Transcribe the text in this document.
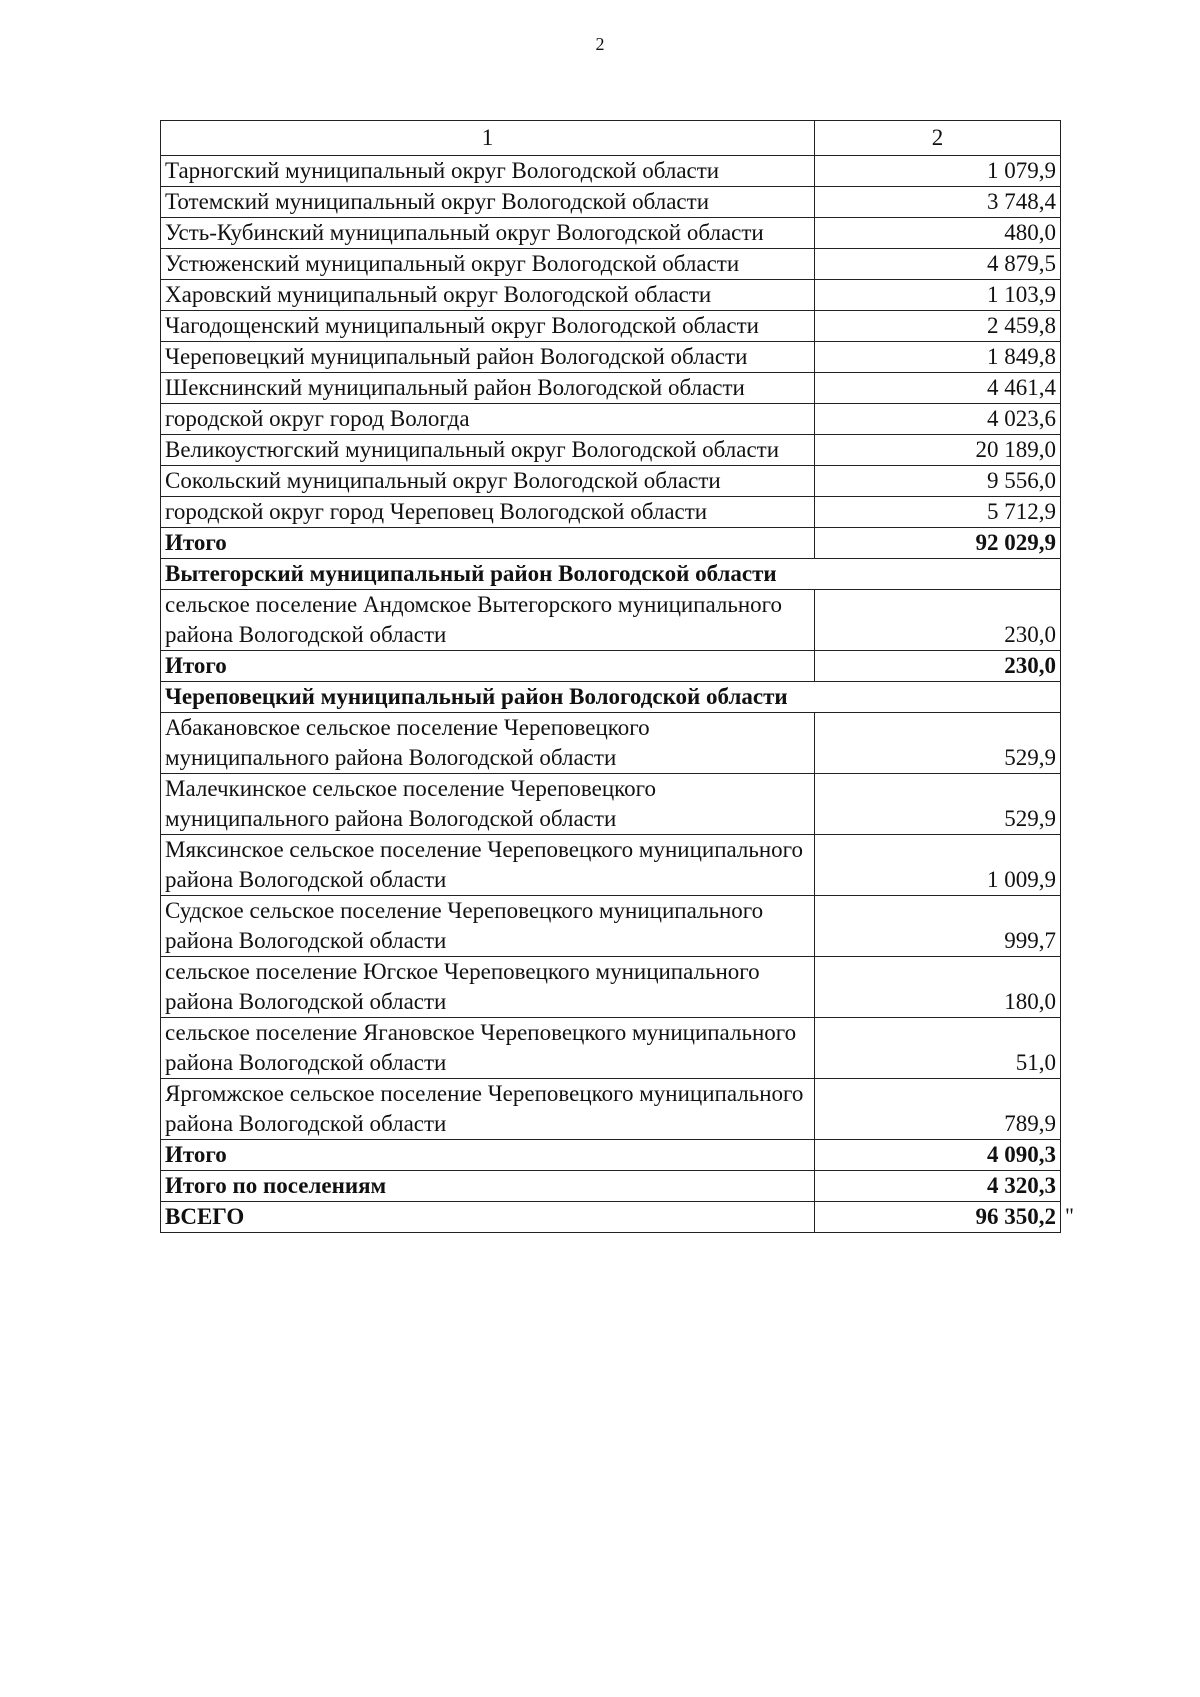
2
1	2
Тарногский муниципальный округ Вологодской области	1 079,9
Тотемский муниципальный округ Вологодской области	3 748,4
Усть-Кубинский муниципальный округ Вологодской области	480,0
Устюженский муниципальный округ Вологодской области	4 879,5
Харовский муниципальный округ Вологодской области	1 103,9
Чагодощенский муниципальный округ Вологодской области	2 459,8
Череповецкий муниципальный район Вологодской области	1 849,8
Шекснинский муниципальный район Вологодской области	4 461,4
городской округ город Вологда	4 023,6
Великоустюгский муниципальный округ Вологодской области	20 189,0
Сокольский муниципальный округ Вологодской области	9 556,0
городской округ город Череповец Вологодской области	5 712,9
Итого	92 029,9
Вытегорский муниципальный район Вологодской области	
сельское поселение Андомское Вытегорского муниципального района Вологодской области	230,0
Итого	230,0
Череповецкий муниципальный район Вологодской области	
Абакановское сельское поселение Череповецкого муниципального района Вологодской области	529,9
Малечкинское сельское поселение Череповецкого муниципального района Вологодской области	529,9
Мяксинское сельское поселение Череповецкого муниципального района Вологодской области	1 009,9
Судское сельское поселение Череповецкого муниципального района Вологодской области	999,7
сельское поселение Югское Череповецкого муниципального района Вологодской области	180,0
сельское поселение Ягановское Череповецкого муниципального района Вологодской области	51,0
Яргомжское сельское поселение Череповецкого муниципального района Вологодской области	789,9
Итого	4 090,3
Итого по поселениям	4 320,3
ВСЕГО	96 350,2 "
